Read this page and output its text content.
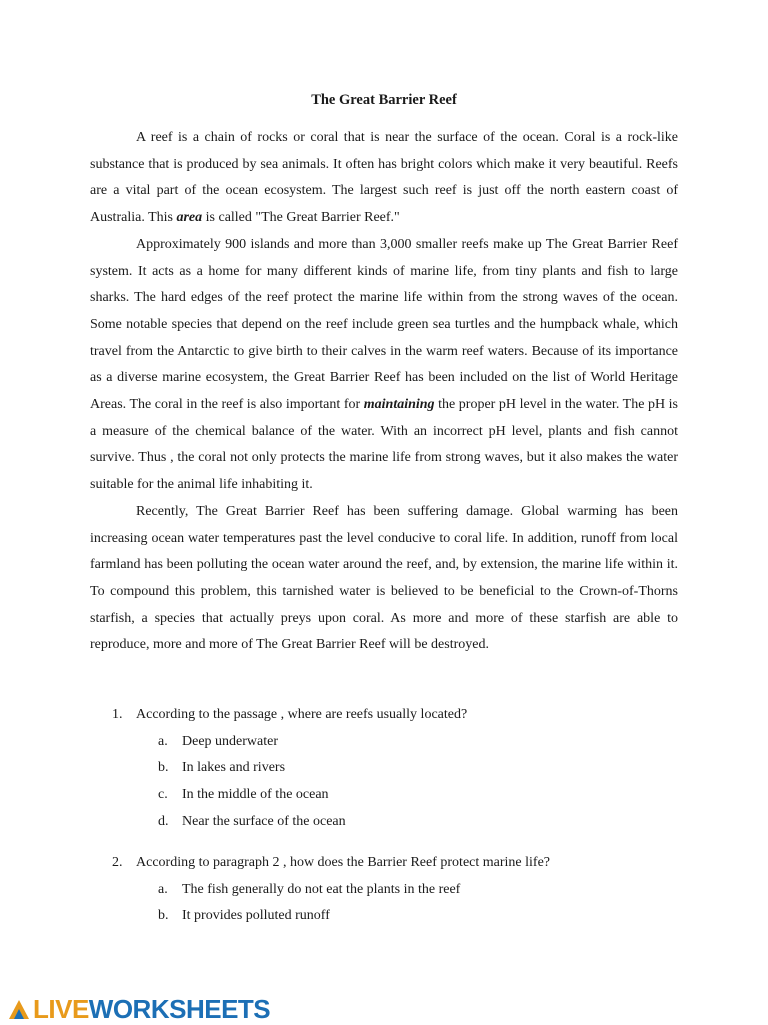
The Great Barrier Reef

A reef is a chain of rocks or coral that is near the surface of the ocean. Coral is a rock-like substance that is produced by sea animals. It often has bright colors which make it very beautiful. Reefs are a vital part of the ocean ecosystem. The largest such reef is just off the north eastern coast of Australia. This area is called "The Great Barrier Reef."

Approximately 900 islands and more than 3,000 smaller reefs make up The Great Barrier Reef system. It acts as a home for many different kinds of marine life, from tiny plants and fish to large sharks. The hard edges of the reef protect the marine life within from the strong waves of the ocean. Some notable species that depend on the reef include green sea turtles and the humpback whale, which travel from the Antarctic to give birth to their calves in the warm reef waters. Because of its importance as a diverse marine ecosystem, the Great Barrier Reef has been included on the list of World Heritage Areas. The coral in the reef is also important for maintaining the proper pH level in the water. The pH is a measure of the chemical balance of the water. With an incorrect pH level, plants and fish cannot survive. Thus , the coral not only protects the marine life from strong waves, but it also makes the water suitable for the animal life inhabiting it.

Recently, The Great Barrier Reef has been suffering damage. Global warming has been increasing ocean water temperatures past the level conducive to coral life. In addition, runoff from local farmland has been polluting the ocean water around the reef, and, by extension, the marine life within it. To compound this problem, this tarnished water is believed to be beneficial to the Crown-of-Thorns starfish, a species that actually preys upon coral. As more and more of these starfish are able to reproduce, more and more of The Great Barrier Reef will be destroyed.

1. According to the passage , where are reefs usually located?
a. Deep underwater
b. In lakes and rivers
c. In the middle of the ocean
d. Near the surface of the ocean
2. According to paragraph 2 , how does the Barrier Reef protect marine life?
a. The fish generally do not eat the plants in the reef
b. It provides polluted runoff
LIVE WORKSHEETS
